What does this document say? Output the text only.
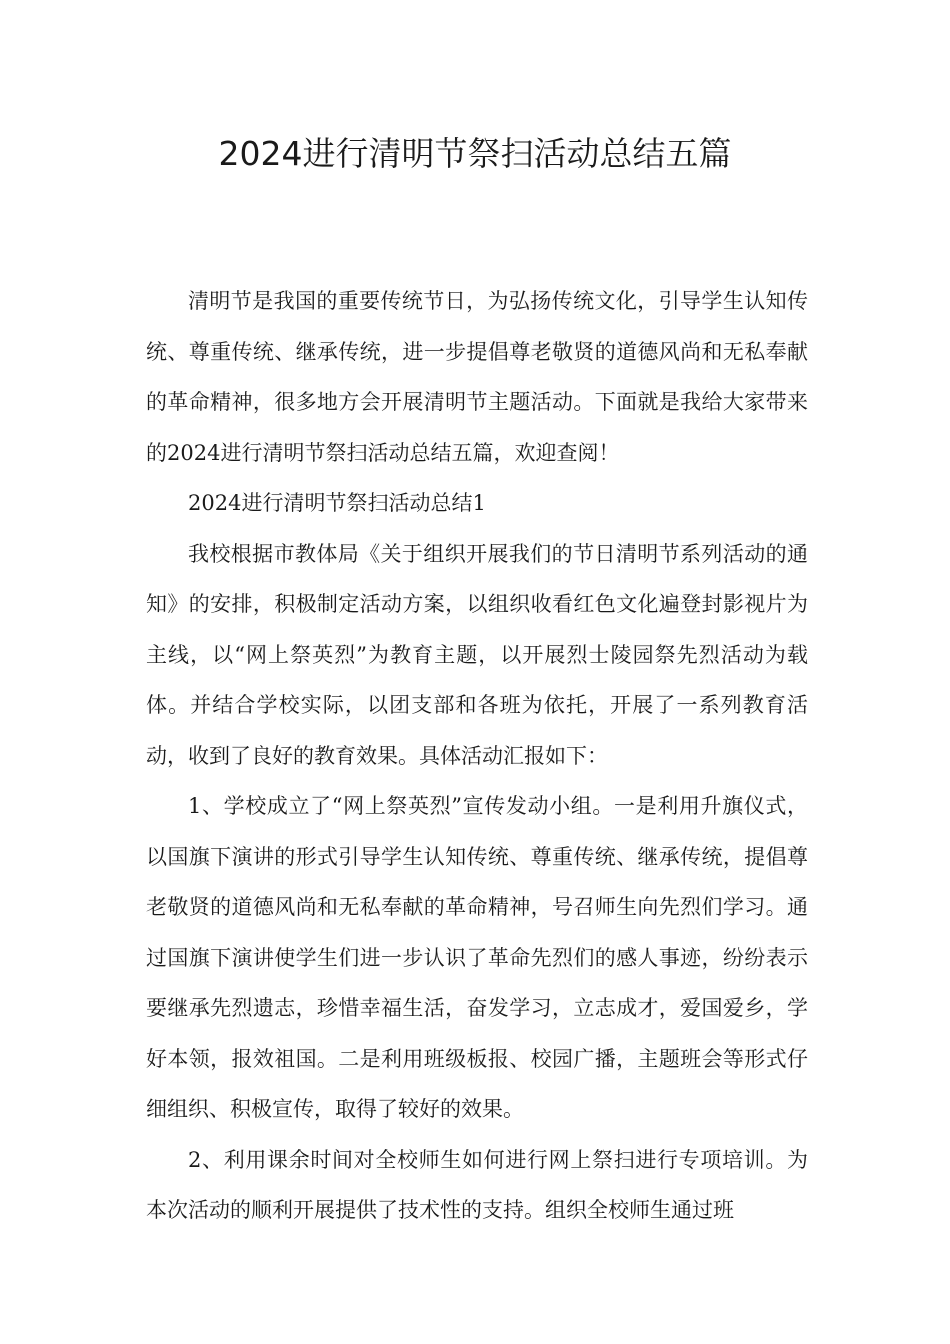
2024进行清明节祭扫活动总结五篇

清明节是我国的重要传统节日，为弘扬传统文化，引导学生认知传统、尊重传统、继承传统，进一步提倡尊老敬贤的道德风尚和无私奉献的革命精神，很多地方会开展清明节主题活动。下面就是我给大家带来的2024进行清明节祭扫活动总结五篇，欢迎查阅！

2024进行清明节祭扫活动总结1

我校根据市教体局《关于组织开展我们的节日清明节系列活动的通知》的安排，积极制定活动方案，以组织收看红色文化遍登封影视片为主线，以“网上祭英烈”为教育主题，以开展烈士陵园祭先烈活动为载体。并结合学校实际，以团支部和各班为依托，开展了一系列教育活动，收到了良好的教育效果。具体活动汇报如下：

1、学校成立了“网上祭英烈”宣传发动小组。一是利用升旗仪式，以国旗下演讲的形式引导学生认知传统、尊重传统、继承传统，提倡尊老敬贤的道德风尚和无私奉献的革命精神，号召师生向先烈们学习。通过国旗下演讲使学生们进一步认识了革命先烈们的感人事迹，纷纷表示要继承先烈遗志，珍惜幸福生活，奋发学习，立志成才，爱国爱乡，学好本领，报效祖国。二是利用班级板报、校园广播，主题班会等形式仔细组织、积极宣传，取得了较好的效果。

2、利用课余时间对全校师生如何进行网上祭扫进行专项培训。为本次活动的顺利开展提供了技术性的支持。组织全校师生通过班
